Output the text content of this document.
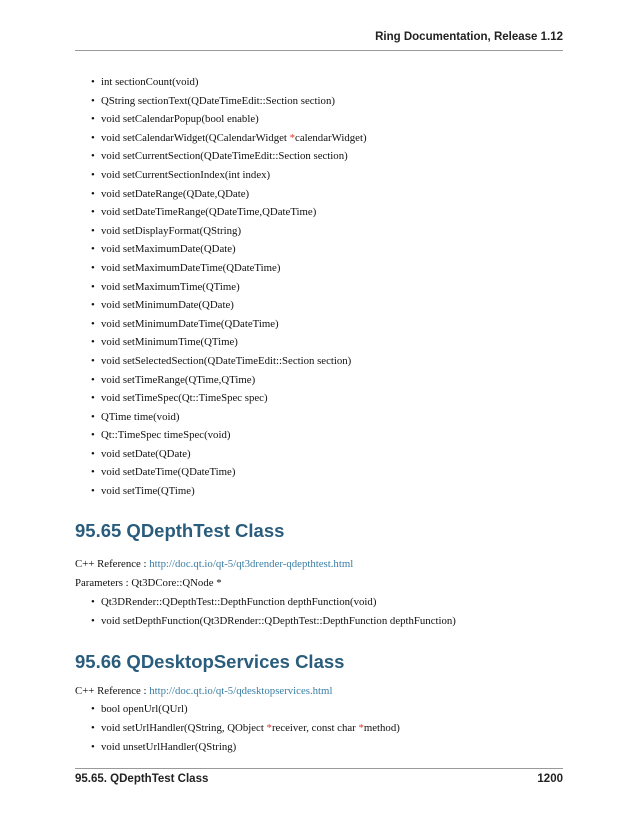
Ring Documentation, Release 1.12
• int sectionCount(void)
• QString sectionText(QDateTimeEdit::Section section)
• void setCalendarPopup(bool enable)
• void setCalendarWidget(QCalendarWidget *calendarWidget)
• void setCurrentSection(QDateTimeEdit::Section section)
• void setCurrentSectionIndex(int index)
• void setDateRange(QDate,QDate)
• void setDateTimeRange(QDateTime,QDateTime)
• void setDisplayFormat(QString)
• void setMaximumDate(QDate)
• void setMaximumDateTime(QDateTime)
• void setMaximumTime(QTime)
• void setMinimumDate(QDate)
• void setMinimumDateTime(QDateTime)
• void setMinimumTime(QTime)
• void setSelectedSection(QDateTimeEdit::Section section)
• void setTimeRange(QTime,QTime)
• void setTimeSpec(Qt::TimeSpec spec)
• QTime time(void)
• Qt::TimeSpec timeSpec(void)
• void setDate(QDate)
• void setDateTime(QDateTime)
• void setTime(QTime)
95.65 QDepthTest Class
C++ Reference : http://doc.qt.io/qt-5/qt3drender-qdepthtest.html
Parameters : Qt3DCore::QNode *
• Qt3DRender::QDepthTest::DepthFunction depthFunction(void)
• void setDepthFunction(Qt3DRender::QDepthTest::DepthFunction depthFunction)
95.66 QDesktopServices Class
C++ Reference : http://doc.qt.io/qt-5/qdesktopservices.html
• bool openUrl(QUrl)
• void setUrlHandler(QString, QObject *receiver, const char *method)
• void unsetUrlHandler(QString)
95.65. QDepthTest Class	1200
